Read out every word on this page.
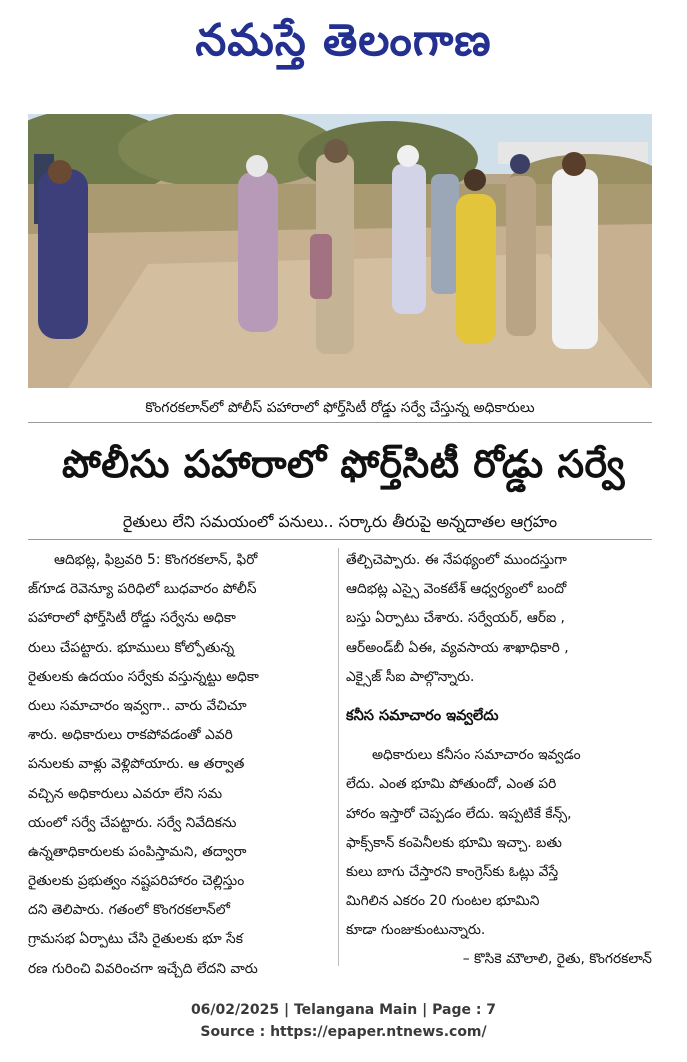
నమస్తే తెలంగాణ
కొంగరకలాన్‌లో పోలీస్ పహారాలో ఫోర్త్‌సిటీ రోడ్డు సర్వే చేస్తున్న అధికారులు
పోలీసు పహారాలో ఫోర్త్‌సిటీ రోడ్డు సర్వే
రైతులు లేని సమయంలో పనులు.. సర్కారు తీరుపై అన్నదాతల ఆగ్రహం
ఆదిభట్ల, ఫిబ్రవరి 5: కొంగరకలాన్, ఫిరో
జ్‌గూడ రెవెన్యూ పరిధిలో బుధవారం పోలీస్
పహారాలో ఫోర్త్‌సిటీ రోడ్డు సర్వేను అధికా
రులు చేపట్టారు. భూములు కోల్పోతున్న
రైతులకు ఉదయం సర్వేకు వస్తున్నట్టు అధికా
రులు సమాచారం ఇవ్వగా.. వారు వేచిచూ
శారు. అధికారులు రాకపోవడంతో ఎవరి
పనులకు వాళ్లు వెళ్లిపోయారు. ఆ తర్వాత
వచ్చిన అధికారులు ఎవరూ లేని సమ
యంలో సర్వే చేపట్టారు. సర్వే నివేదికను
ఉన్నతాధికారులకు పంపిస్తామని, తద్వారా
రైతులకు ప్రభుత్వం నష్టపరిహారం చెల్లిస్తుం
దని తెలిపారు. గతంలో కొంగరకలాన్‌లో
గ్రామసభ ఏర్పాటు చేసి రైతులకు భూ సేక
రణ గురించి వివరించగా ఇచ్చేది లేదని వారు
తేల్చిచెప్పారు. ఈ నేపథ్యంలో ముందస్తుగా
ఆదిభట్ల ఎస్సై వెంకటేశ్ ఆధ్వర్యంలో బందో
బస్తు ఏర్పాటు చేశారు. సర్వేయర్, ఆర్ఐ ,
ఆర్అండ్‌బీ ఏఈ, వ్యవసాయ శాఖాధికారి ,
ఎక్సైజ్ సీఐ పాల్గొన్నారు.
కనీస సమాచారం ఇవ్వలేదు
అధికారులు కనీసం సమాచారం ఇవ్వడం
లేదు. ఎంత భూమి పోతుందో, ఎంత పరి
హారం ఇస్తారో చెప్పడం లేదు. ఇప్పటికే కేన్స్,
ఫాక్స్‌కాన్ కంపెనీలకు భూమి ఇచ్చా. బతు
కులు బాగు చేస్తారని కాంగ్రెస్‌కు ఓట్లు వేస్తే
మిగిలిన ఎకరం 20 గుంటల భూమిని
కూడా గుంజుకుంటున్నారు.
– కొసికె మౌలాలి, రైతు, కొంగరకలాన్
06/02/2025 | Telangana Main | Page : 7
Source : https://epaper.ntnews.com/
